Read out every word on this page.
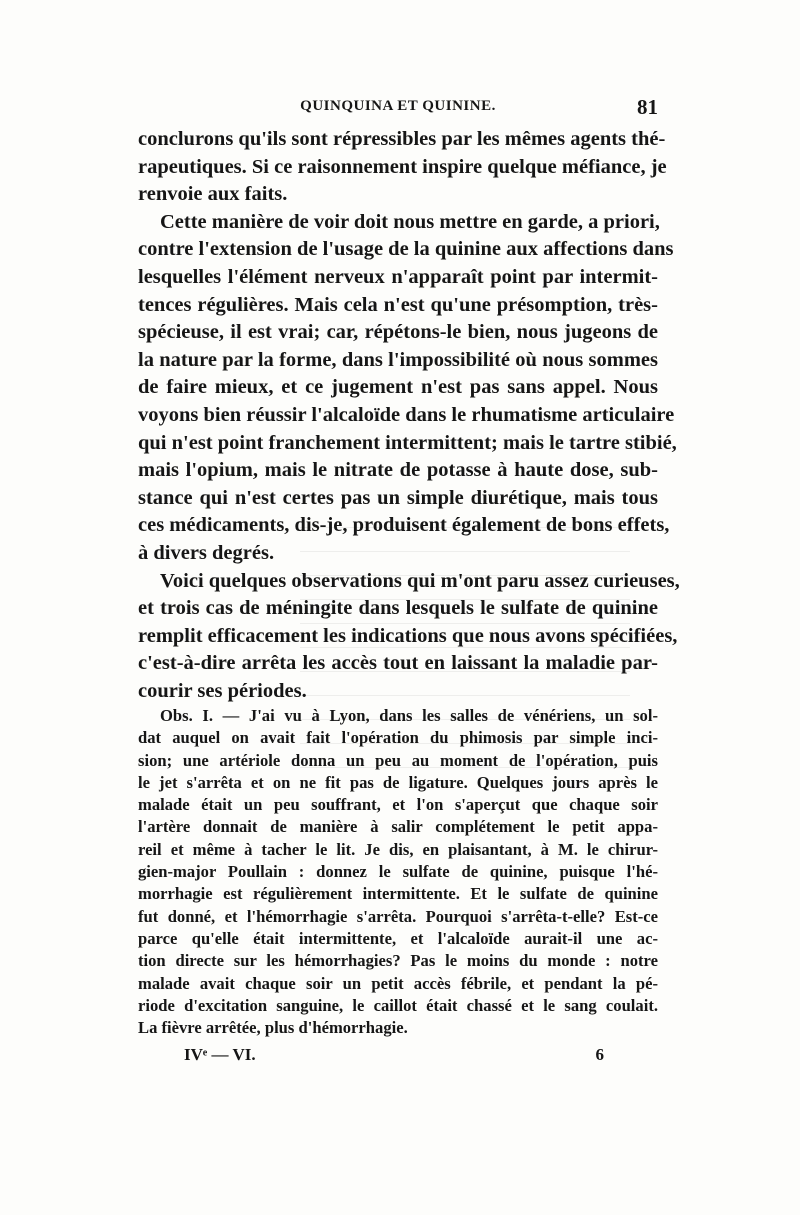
QUINQUINA ET QUININE.	81
conclurons qu'ils sont répressibles par les mêmes agents thé-
rapeutiques. Si ce raisonnement inspire quelque méfiance, je
renvoie aux faits.
Cette manière de voir doit nous mettre en garde, a priori,
contre l'extension de l'usage de la quinine aux affections dans
lesquelles l'élément nerveux n'apparaît point par intermit-
tences régulières. Mais cela n'est qu'une présomption, très-
spécieuse, il est vrai; car, répétons-le bien, nous jugeons de
la nature par la forme, dans l'impossibilité où nous sommes
de faire mieux, et ce jugement n'est pas sans appel. Nous
voyons bien réussir l'alcaloïde dans le rhumatisme articulaire
qui n'est point franchement intermittent; mais le tartre stibié,
mais l'opium, mais le nitrate de potasse à haute dose, sub-
stance qui n'est certes pas un simple diurétique, mais tous
ces médicaments, dis-je, produisent également de bons effets,
à divers degrés.
Voici quelques observations qui m'ont paru assez curieuses,
et trois cas de méningite dans lesquels le sulfate de quinine
remplit efficacement les indications que nous avons spécifiées,
c'est-à-dire arrêta les accès tout en laissant la maladie par-
courir ses périodes.
Obs. I. — J'ai vu à Lyon, dans les salles de vénériens, un sol-
dat auquel on avait fait l'opération du phimosis par simple inci-
sion; une artériole donna un peu au moment de l'opération, puis
le jet s'arrêta et on ne fit pas de ligature. Quelques jours après le
malade était un peu souffrant, et l'on s'aperçut que chaque soir
l'artère donnait de manière à salir complétement le petit appa-
reil et même à tacher le lit. Je dis, en plaisantant, à M. le chirur-
gien-major Poullain : donnez le sulfate de quinine, puisque l'hé-
morrhagie est régulièrement intermittente. Et le sulfate de quinine
fut donné, et l'hémorrhagie s'arrêta. Pourquoi s'arrêta-t-elle? Est-ce
parce qu'elle était intermittente, et l'alcaloïde aurait-il une ac-
tion directe sur les hémorrhagies? Pas le moins du monde : notre
malade avait chaque soir un petit accès fébrile, et pendant la pé-
riode d'excitation sanguine, le caillot était chassé et le sang coulait.
La fièvre arrêtée, plus d'hémorrhagie.
IVᵉ — VI.	6
